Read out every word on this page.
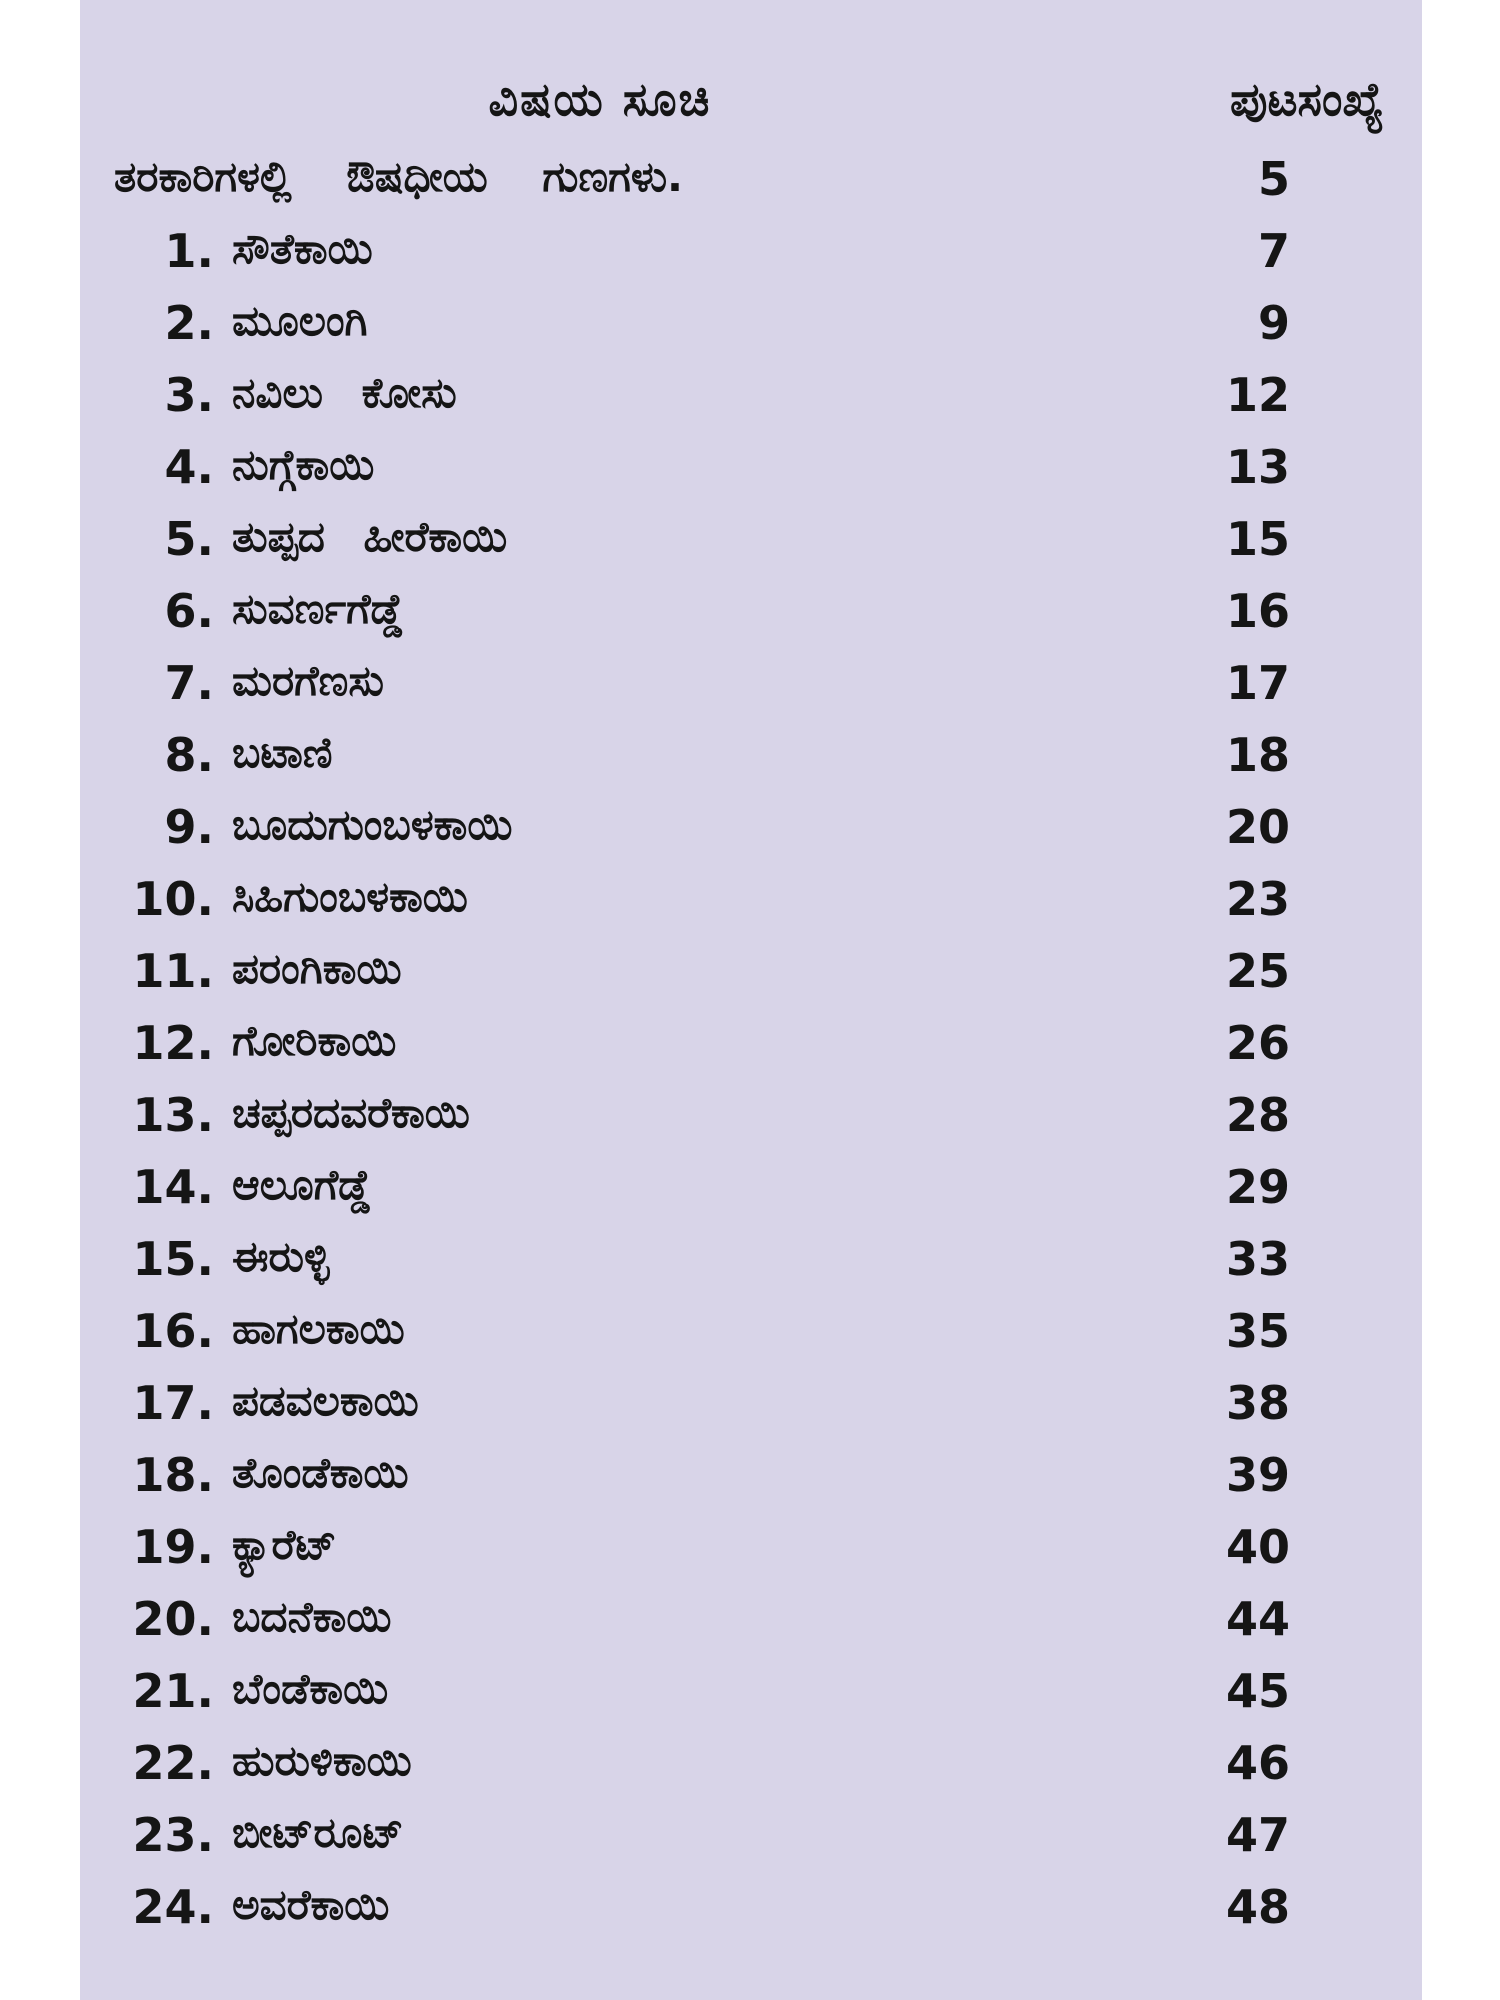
ವಿಷಯ ಸೂಚಿ	ಪುಟಸಂಖ್ಯೆ
ತರಕಾರಿಗಳಲ್ಲಿ ಔಷಧೀಯ ಗುಣಗಳು.	5
1. ಸೌತೆಕಾಯಿ	7
2. ಮೂಲಂಗಿ	9
3. ನವಿಲು ಕೋಸು	12
4. ನುಗ್ಗೆಕಾಯಿ	13
5. ತುಪ್ಪದ ಹೀರೆಕಾಯಿ	15
6. ಸುವರ್ಣಗೆಡ್ಡೆ	16
7. ಮರಗೆಣಸು	17
8. ಬಟಾಣಿ	18
9. ಬೂದುಗುಂಬಳಕಾಯಿ	20
10. ಸಿಹಿಗುಂಬಳಕಾಯಿ	23
11. ಪರಂಗಿಕಾಯಿ	25
12. ಗೋರಿಕಾಯಿ	26
13. ಚಪ್ಪರದವರೆಕಾಯಿ	28
14. ಆಲೂಗೆಡ್ಡೆ	29
15. ಈರುಳ್ಳಿ	33
16. ಹಾಗಲಕಾಯಿ	35
17. ಪಡವಲಕಾಯಿ	38
18. ತೊಂಡೆಕಾಯಿ	39
19. ಕ್ಯಾರೆಟ್	40
20. ಬದನೆಕಾಯಿ	44
21. ಬೆಂಡೆಕಾಯಿ	45
22. ಹುರುಳಿಕಾಯಿ	46
23. ಬೀಟ್‌ರೂಟ್	47
24. ಅವರೆಕಾಯಿ	48
